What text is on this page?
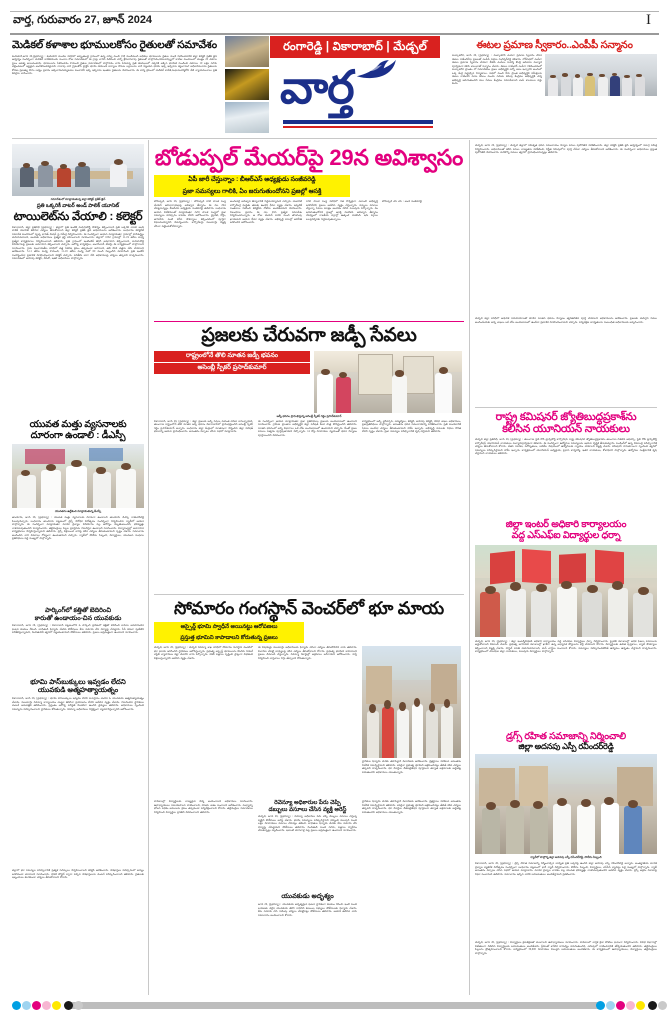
వార్త, గురువారం 27, జూన్ 2024	I
రంగారెడ్డి | వికారాబాద్ | మేడ్చల్
వార్త
మెడికల్ కళాశాల భూములకోసం రైతులతో సమావేశం
కందుకూర్,జూన్ 26,(ప్రభన్యూ) : కందుకూర్ మండల పరిధిలో అప్పుతుండ్ల గ్రామంలో ఉన్న చెర్వు మండి 198 నుండిమంది అధికలు భూములను రైతుల నుండి సేకరించడానికి జిల్లా కలెక్టర్ ప్రతీక్ జైన్ ఆధ్వర్యం సందర్భంగా మెడికల్ కాలేజీయందు పెంచాల రోజు సమావేశంలో ఈ గ్రామ్ల వారిని పిలిపించి ఎన్నో శ్రీనివాసరావు రైతులతో పాల్గొనడం,పిపిలవర్స్యులో కాలేజు మండలంలో మొత్తం 20 ఎకరాల స్థలం ఆవశ్య అయివంటారు. భూములను సేకరించడం 45మంది రైతుల సమావేశంలో పాల్గొనడం వారు పేరుపన్న ప్రతి కణములలో ఎక్కరికి అక్కిన భూమికి నుండించి ఎకరాలు 10 లక్షల నగదు చెల్లించుటలో ఇష్టమైన అంగీకరించడమైనది. దాదాపు వారి గ్రైటుకోన్ ప్రాక్టిస్ భూమి వేయుండ్ కార్యాలు కొనుట లక్షాయిను వారి సేట్టుకున భూమి ఇచ్చి ఇచ్చినను కట్టుగానుగ అధికారమునను రైతులను కోరుట ప్రణత్యు సొను లభ్యం ప్రకారం ఆక్కివారుచెయ్యటము పంచాడనీ ఇచ్చి ఇచ్చినను ఇంతమ రైతులను వివరించారు. ఈ కార్య క్రమంలో మెడికల్ కాలేజీ,సంఘనందర్శకోని నేటి న్యాయమునాలు ప్రతి శివర్లను వారించారు.
ఈటల ప్రమాణ స్వీకారం..ఎంపీపీ సన్మానం
మల్కాజిగిరి, జూన్ 26, (ప్రభన్యూ) : మల్కాజిగిరి ఎంపీగా ప్రమాణ స్వీకారం చేసిన ఈటల రాజేందర్‌ను ప్రజలతో ఎంపీపీ సభలు సుదర్శన్‌రెడ్డి కలిశారు. లోక్‌సభలో ఎంపీగా ఈటల ప్రమాణ స్వీకారం చేయగా బీజేపీ ఎంపీలు సుదర్శ కొండ్రి జరుపను మర్యాద పూర్వకంగా కలిసి శాలువాతో సన్మానం చేశారు. ఈటల రాజేందర్ ఎంపీగా గెలిపించడంలో మల్కాజిగిరి ప్రాంతం లో సమావేశము ప్రజల అభివృద్ధికి ఎన్నో అటు ఇచ్చారని అందులో ఒక్క కేంద్ర పెట్టాల్సిన నిర్మాణాలు. సభలో మంచి నీరు ప్రాంత అభివృద్ధికి సమీక్షలను ఈటల రాజేందర్ మాట కేవలం మండు నడుమ కదుపు కేంద్రము అభివృద్ధికి చర్య అభివృద్ధి జరుగుతుందని పలు సేవలు కేంద్రము సమావేశాలని ఎంపీ కాలముల వద్దు కేందు.
సమావేశంలో మాట్లాడుతున్న జిల్లా కలెక్టర్ ప్రతీక్ జైన్
ప్రతి ఒక్కరికీ వాటర్ అండ్ పాలిక్ యూనిట్
టాయిలెట్‌ను వేయాలి : కలెక్టర్
వికారాబాద్, జిల్లా ప్రతినిధి (ప్రభన్యూ) : జిల్లాలో ప్రతి ఇంటికి మరుగుదొడ్డి సౌకర్యం కల్పించాలని ప్రతి ఒక్కరికీ వాటర్ అండ్ పాలిక్ యూనిట్ కలిగేలా చర్యలు తీసుకోవాలని జిల్లా కలెక్టర్ ప్రతీక్ జైన్ అధికారులను ఆదేశించారు. బుధవారం కలెక్టరేట్ సమావేశ మందిరంలో స్వచ్ఛ భారత్ మిషన్ పై సమీక్ష నిర్వహించారు. ఈ సందర్భంగా ఆయన మాట్లాడుతూ గ్రామాల్లో పారిశుద్ధ్యం మెరుగుపడాలని, అందుకు అధికారులు ప్రత్యేక శ్రద్ధ వహించాలని సూచించారు. జిల్లాలో 1062 గ్రామాల్లో 11-19 తేదీల మధ్య ప్రత్యేక కార్యక్రమాలు నిర్వహించాలని తెలిపారు. ప్రతి గ్రామంలో ఇంటింటికీ తిరిగి అవగాహన కల్పించాలని, మరుగుదొడ్ల వినియోగంపై ప్రజలకు అవగాహన కల్పించాలని చెప్పారు. ఆరోగ్య కార్యకర్తలు, అంగన్‌వాడీ టీచర్లు ఈ కార్యక్రమంలో పాల్గొనాలని సూచించారు. గ్రామ పంచాయతీల పరిధిలో చెత్త సేకరణ క్రమం తప్పకుండా జరగాలని, తడి పొడి చెత్తను వేరు చేయాలని ఆదేశించారు. 3-11 తేదీల మధ్య 45మంది, 11-19 తేదీల మధ్య మరో 60 మంది సిబ్బందిని మోహరించి ప్రతి ఇంటినీ సందర్శించేలా ప్రణాళిక రూపొందించాలని కలెక్టర్ చెప్పారు. పనితీరు బాగా లేని అధికారులపై చర్యలు తప్పవని హెచ్చరించారు. సమావేశంలో అదనపు కలెక్టర్, డీపీవో, ఇతర అధికారులు పాల్గొన్నారు.
యువత మత్తు వ్యసనాలకు
దూరంగా ఉండాలి : డీఎస్పీ
యువతను ఉద్దేశించి మాట్లాడుతున్న డీఎస్పీ
తాండూరు, జూన్ 26, (ప్రభన్యూ) : యువత మత్తు వ్యసనాలకు దూరంగా ఉండాలని తాండూరు డీఎస్పీ రాజేందర్‌రెడ్డి పిలుపునిచ్చారు. బుధవారం తాండూరు పట్టణంలో డ్రగ్స్ నిరోధక దినోత్సవం సందర్భంగా నిర్వహించిన ర్యాలీలో ఆయన పాల్గొన్నారు. ఈ సందర్భంగా మాట్లాడుతూ మాదక ద్రవ్యాల వినియోగం వల్ల ఆరోగ్యం దెబ్బతింటుందని, భవిష్యత్తు నాశనమవుతుందని హెచ్చరించారు. తల్లిదండ్రులు పిల్లల ప్రవర్తనను గమనిస్తూ ఉండాలని సూచించారు. విద్యాసంస్థల్లో అవగాహన కార్యక్రమాలు నిర్వహిస్తున్నామని తెలిపారు. డ్రగ్స్ విక్రయించే వారిపై కఠిన చర్యలు తీసుకుంటామని స్పష్టం చేశారు. సమాచారం అందించిన వారి వివరాలు గోప్యంగా ఉంచుతామని చెప్పారు. ర్యాలీలో పోలీసు సిబ్బంది, విద్యార్థులు, యువజన సంఘాల ప్రతినిధులు పెద్ద సంఖ్యలో పాల్గొన్నారు.
పార్కింగ్‌లో కత్తితో బెదిరించి
కారుతో ఉండాయం-చిన యువకుడు
వికారాబాద్, జూన్ 26, (ప్రభన్యూ) : వికారాబాద్ పట్టణంలోని ఓ పార్కింగ్ ప్రదేశంలో కత్తితో బెదిరించి కారును అపహరించిన ఘటన కలకలం రేపింది. బాధితుడి ఫిర్యాదు మేరకు పోలీసులు కేసు నమోదు చేసి దర్యాప్తు చేపట్టారు. సీసీ కెమెరా ఫుటేజీని పరిశీలిస్తున్నామని, నిందితుడిని త్వరలో పట్టుకుంటామని పోలీసులు తెలిపారు. ప్రజలు అప్రమత్తంగా ఉండాలని సూచించారు.
భూమి పాస్‌బుక్కులు ఇవ్వడం లేదని
యువకుడి ఆత్మహత్యాయత్నం
వికారాబాద్, జూన్ 26, (ప్రభన్యూ) : భూమి పాస్‌బుక్కులు ఇవ్వడం లేదని మనస్తాపం చెందిన ఓ యువకుడు ఆత్మహత్యాయత్నం చేశాడు. పలుమార్లు రెవెన్యూ కార్యాలయం చుట్టూ తిరిగినా ప్రయోజనం లేదని ఆవేదన వ్యక్తం చేశాడు. గమనించిన స్థానికులు వెంటనే ఆసుపత్రికి తరలించారు. ప్రస్తుతం ఆరోగ్య పరిస్థితి నిలకడగా ఉందని వైద్యులు తెలిపారు. అధికారులు స్పందించి సమస్యను పరిష్కరించాలని స్థానికులు కోరుతున్నారు. రెవెన్యూ అధికారులు నిర్లక్ష్యంగా వ్యవహరిస్తున్నారని ఆరోపించారు.
జిల్లాలో భూ సమస్యల పరిష్కారానికి ప్రత్యేక సదస్సులు నిర్వహించాలని కలెక్టర్ ఆదేశించారు. దరఖాస్తుల పరిష్కారంలో జాప్యం జరగకుండా చూడాలని సూచించారు. ధరణి పోర్టల్ ద్వారా వచ్చిన దరఖాస్తులను వెంటనే పరిష్కరించాలని తెలిపారు. రైతులకు ఇబ్బందులు కలగకుండా చర్యలు తీసుకోవాలని కోరారు.
బోడుప్పల్ మేయర్‌పై 29న అవిశ్వాసం
ఏపీ జారీ చేస్తున్నాం : బీఆర్ఎస్ అధ్యక్షుడు సంజీవరెడ్డి
ప్రజా సమస్యలు గాలికి, ఏం జరుగుతుందోనని ప్రజల్లో ఆసక్తి
బోడుప్పల్, జూన్ 26, (ప్రభన్యూ) : బోడుప్పల్ నగర పాలక సంస్థ మేయర్ ఆదినారాయణపై అవిశ్వాస తీర్మానం ఈ నెల 29న చేపట్టనున్నట్లు బీఆర్ఎస్ అధ్యక్షుడు సంజీవరెడ్డి తెలిపారు. బుధవారం ఆయన విలేకరులతో మాట్లాడుతూ నగర పాలక సంస్థలో ప్రజా సమస్యలు పరిష్కారం కావడం లేదని ఆరోపించారు. డ్రైనేజీ, రోడ్లు, తాగునీరు వంటి కనీస సౌకర్యాలు కల్పించడంలో పూర్తిగా విఫలమయ్యారని విమర్శించారు. కార్పొరేటర్లు పలుమార్లు విజ్ఞప్తి చేసినా పట్టించుకోలేదన్నారు.
అందువల్లే అవిశ్వాస తీర్మానానికి సిద్ధమయ్యామని చెప్పారు. మెజారిటీ కార్పొరేటర్ల మద్దతు తమకు ఉందని ధీమా వ్యక్తం చేశారు. ఇప్పటికే సంతకాలు సేకరించి కలెక్టర్‌కు నోటీసు అందజేశామని వివరించారు. నిబంధనల ప్రకారం ఈ నెల 29న ప్రత్యేక సమావేశం నిర్వహించనున్నారు. ఆ రోజు మేయర్ పదవి నుంచి తొలగింపు ఖాయమని ఆయన ధీమా వ్యక్తం చేశారు. అభివృద్ధి పనుల్లో అవినీతి జరిగిందని ఆరోపించారు.
నగర పాలక సంస్థ పరిధిలో గత కొన్నేళ్లుగా ఎలాంటి అభివృద్ధి జరగలేదని ప్రజలు ఆవేదన వ్యక్తం చేస్తున్నారు. పన్నులు వసూలు చేస్తున్నా సేవలు మాత్రం అందడం లేదని పలువురు పేర్కొన్నారు. ఏం జరుగుతుందోనని ప్రజల్లో ఆసక్తి నెలకొంది. అవిశ్వాస తీర్మానం నేపథ్యంలో రాజకీయ వర్గాల్లో ఉత్కంఠ నెలకొంది. ఇరు వర్గాలు బలప్రదర్శనకు సిద్ధమవుతున్నాయి.
బోడుప్పల్ ఎస్ ఎస్ : అంద సంజీవరెడ్డి
ప్రజలకు చేరువగా జడ్పీ సేవలు
రాష్ట్రంలోనే తొలి నూతన జడ్పీ భవనం
అసెంబ్లీ స్పీకర్ ప్రసాద్‌కుమార్
జడ్పీ భవనం ప్రారంభిస్తున్న అసెంబ్లీ స్పీకర్ గడ్డం ప్రసాద్‌కుమార్
వికారాబాద్, జూన్ 26, (ప్రభన్యూ) : జిల్లా ప్రజలకు జడ్పీ సేవలు మరింత చేరువ కానున్నాయని, తెలంగాణ రాష్ట్రంలోనే తొలి నూతన జడ్పీ భవనం వికారాబాద్‌లో ప్రారంభమైందని అసెంబ్లీ స్పీకర్ గడ్డం ప్రసాద్‌కుమార్ అన్నారు. బుధవారం జిల్లా కేంద్రంలో నూతనంగా నిర్మించిన జిల్లా పరిషత్ భవనాన్ని ఆయన ప్రారంభించారు. అనంతరం ఏర్పాటు చేసిన సభలో మాట్లాడారు.
ఈ సందర్భంగా ఆయన మాట్లాడుతూ ప్రజా ప్రతినిధులు ప్రజలకు అందుబాటులో ఉండాలని సూచించారు. గ్రామీణ ప్రాంతాల అభివృద్ధికి జిల్లా పరిషత్ కీలక పాత్ర పోషిస్తుందని తెలిపారు. నూతన భవనంలో అన్ని విభాగాలు ఒకే చోట అందుబాటులో ఉంటాయని చెప్పారు. దీంతో ప్రజల పనులు సత్వరం పూర్తవుతాయని పేర్కొన్నారు. 14 కోట్ల రూపాయల వ్యయంతో భవన నిర్మాణం పూర్తయిందని వివరించారు.
కార్యక్రమంలో జడ్పీ చైర్‌పర్సన్, ఎమ్మెల్యేలు, కలెక్టర్, అదనపు కలెక్టర్, వివిధ శాఖల అధికారులు, ప్రజాప్రతినిధులు పాల్గొన్నారు. అనంతరం భవన సముదాయాన్ని పరిశీలించారు. ప్రతి మండలానికి సేవలు అందేలా చర్యలు తీసుకుంటామని హామీ ఇచ్చారు. అభివృద్ధి పనులకు నిధుల కొరత లేదని స్పష్టం చేశారు. ప్రజా సమస్యల పరిష్కారానికి కృషి చేస్తామని తెలిపారు.
సోమారం గంగస్థాన్ వెంచర్‌లో భూ మాయ
అస్సైన్డ్ భూమి స్వాధీనే అయినట్టు ఆరోపణలు
ప్రస్తుత్త భూమిని కాపాడాలని కోరుతున్న ప్రజలు
మేడ్చల్, జూన్ 26, (ప్రభన్యూ) : మేడ్చల్ రెవెన్యూ శాఖ పరిధిలో సోమారం గంగస్థాన్ వెంచర్‌లో భూ మాయ జరిగిందని స్థానికులు ఆరోపిస్తున్నారు. ప్రభుత్వ అస్సైన్డ్ భూములను కొందరు రియల్ ఎస్టేట్ వ్యాపారులు కబ్జా చేశారని వారు పేర్కొన్నారు. నకిలీ పత్రాలు సృష్టించి ప్లాట్లుగా విభజించి విక్రయిస్తున్నారని ఆవేదన వ్యక్తం చేశారు.
ఈ విషయమై పలుమార్లు అధికారులకు ఫిర్యాదు చేసినా చర్యలు తీసుకోలేదని వారు తెలిపారు. విచారణ చేపట్టి బాధ్యులపై కఠిన చర్యలు తీసుకోవాలని కోరారు. ప్రభుత్వ భూమిని కాపాడాలని ప్రజలు డిమాండ్ చేస్తున్నారు. రెవెన్యూ రికార్డుల్లో అక్రమాలు జరిగాయని ఆరోపించారు. సర్వే నిర్వహించి వాస్తవాలు నిగ్గు తేల్చాలని కోరుతున్నారు.
స్థానికుల ఫిర్యాదు మేరకు తహసీల్దార్ విచారణకు ఆదేశించారు. క్షేత్రస్థాయి పరిశీలన అనంతరం నివేదిక సమర్పిస్తామని తెలిపారు. ఎవరైనా ప్రభుత్వ భూమిని ఆక్రమించినట్లు తేలితే కఠిన చర్యలు తప్పవని హెచ్చరించారు. భూ రికార్డుల డిజిటలైజేషన్ పూర్తయిన తర్వాత అక్రమాలకు అడ్డుకట్ట పడుతుందని అధికారులు చెబుతున్నారు.
పాఠశాలల్లో విద్యార్థులకు నాణ్యమైన విద్య అందించాలని అధికారులు సూచించారు. ఉపాధ్యాయులు సమయపాలన పాటించాలని, హాజరు శాతం పెంచాలని ఆదేశించారు. మధ్యాహ్న భోజన పథకం అమలును క్రమం తప్పకుండా పర్యవేక్షించాలని కోరారు. తల్లిదండ్రుల సమావేశాలు నిర్వహించి విద్యార్థుల ప్రగతిని వివరించాలని తెలిపారు.
రెవెన్యూ అధికారుల పేరు చెప్పి
డబ్బులు వసూలు చేసిన వ్యక్తి అరెస్ట్
మేడ్చల్, జూన్ 26, (ప్రభన్యూ) : రెవెన్యూ అధికారుల పేరు చెప్పి డబ్బులు వసూలు చేస్తున్న వ్యక్తిని పోలీసులు అరెస్ట్ చేశారు. భూమి సమస్యలు పరిష్కరిస్తానని నమ్మించి పలువురి నుంచి లక్షల రూపాయలు వసూలు చేసినట్లు తేలింది. బాధితుల ఫిర్యాదు మేరకు కేసు నమోదు చేసి దర్యాప్తు చేపట్టామని పోలీసులు తెలిపారు. నిందితుడి నుంచి నగదు, పత్రాలు స్వాధీనం చేసుకున్నట్లు వెల్లడించారు. ఇలాంటి మోసగాళ్ల పట్ల ప్రజలు అప్రమత్తంగా ఉండాలని సూచించారు.
యువకుడు అదృశ్యం
జూన్ 26, (ప్రభన్యూ) : యువకుడు అదృశ్యమైన ఘటన స్థానికంగా కలకలం రేపింది. ఇంటి నుంచి బయటకు వెళ్లిన యువకుడు తిరిగి రాలేదని కుటుంబ సభ్యులు పోలీసులకు ఫిర్యాదు చేశారు. కేసు నమోదు చేసి గాలింపు చర్యలు చేపట్టినట్లు పోలీసులు తెలిపారు. ఆచూకీ తెలిసిన వారు సమాచారం అందించాలని కోరారు.
స్థానికుల ఫిర్యాదు మేరకు తహసీల్దార్ విచారణకు ఆదేశించారు. క్షేత్రస్థాయి పరిశీలన అనంతరం నివేదిక సమర్పిస్తామని తెలిపారు. ఎవరైనా ప్రభుత్వ భూమిని ఆక్రమించినట్లు తేలితే కఠిన చర్యలు తప్పవని హెచ్చరించారు. భూ రికార్డుల డిజిటలైజేషన్ పూర్తయిన తర్వాత అక్రమాలకు అడ్డుకట్ట పడుతుందని అధికారులు చెబుతున్నారు.
మేడ్చల్, జూన్ 26, (ప్రభన్యూ) : మేడ్చల్ జిల్లాలో సమీకృత భవన సముదాయం నిర్మాణ పనుల పురోగతిని పరిశీలించారు. జిల్లా కలెక్టర్ ప్రతీక్ జైన్ ఆధ్వర్యంలో సమగ్ర సమీక్ష నిర్వహించారు. అధికారులతో కలిసి పనుల నాణ్యతను పరిశీలించి, నిర్ణీత గడువులోగా పూర్తి చేసేలా చర్యలు తీసుకోవాలని ఆదేశించారు. ఈ సందర్భంగా అధికారులు ప్రస్తుత పురోగతిని వివరించారు. మరికొన్ని పనులు త్వరలో ప్రారంభించనున్నట్లు తెలిపారు.
మేడ్చల్ జిల్లా పరిధిలో ఆధునిక సదుపాయాలతో కూడిన నూతన భవనం నిర్మాణం త్వరితగతిన పూర్తి చేయాలని అధికారులను ఆదేశించారు. ప్రజలకు మెరుగైన సేవలు అందించేందుకు అన్ని శాఖలు ఒకే చోట అందుబాటులో ఉండేలా ప్రణాళిక రూపొందించామని చెప్పారు. పర్యవేక్షణ బాధ్యతలను సంబంధిత అధికారులకు అప్పగించారు.
రాష్ట్ర కమిషనర్ జ్యోతిబుద్ధప్రకాశ్‌ను
కలిసిన యూనియన్ నాయకులు
మేడ్చల్ జిల్లా ప్రతినిధి, జూన్ 26, (ప్రభన్యూ) : తెలంగాణ స్టేట్ రోడ్ ట్రాన్స్‌పోర్ట్ కార్పొరేషన్ రాష్ట్ర కమిషనర్ జ్యోతిబుద్ధప్రకాశ్‌ను తెలంగాణ గెజిటెడ్ ఆఫీసర్స్, స్టేట్ రోడ్ ట్రాన్స్‌పోర్ట్ కార్పొరేషన్ యూనియన్ నాయకులు మర్యాదపూర్వకంగా కలిశారు. ఈ సందర్భంగా ఉద్యోగుల సమస్యలను ఆయన దృష్టికి తీసుకువెళ్లారు. పెండింగ్‌లో ఉన్న డిమాండ్ల పరిష్కారానికి చర్యలు తీసుకోవాలని కోరారు. వేతన సవరణ, పదోన్నతులు, బదిలీల విషయంలో ఉద్యోగులకు న్యాయం చేయాలని విజ్ఞప్తి చేశారు. కమిషనర్ సానుకూలంగా స్పందించి త్వరలో సమస్యలు పరిష్కరిస్తామని హామీ ఇచ్చారు. కార్యక్రమంలో యూనియన్ అధ్యక్షుడు, ప్రధాన కార్యదర్శి, ఇతర నాయకులు, కోశాధికారి పాల్గొన్నారు. ఉద్యోగుల సంక్షేమానికి కృషి చేస్తామని నాయకులు తెలిపారు.
జిల్లా ఇంటర్ అధికారి కార్యాలయం
వద్ద ఎస్ఎఫ్ఐ విద్యార్థుల ధర్నా
మేడ్చల్, జూన్ 26, (ప్రభన్యూ) : జిల్లా ఇంటర్మీడియట్ అధికారి కార్యాలయం వద్ద ఎస్ఎఫ్ఐ విద్యార్థులు ధర్నా నిర్వహించారు. ప్రైవేట్ కళాశాలల్లో అధిక ఫీజుల వసూలును అడ్డుకోవాలని డిమాండ్ చేశారు. ప్రభుత్వ జూనియర్ కళాశాలల్లో ఖాళీగా ఉన్న అధ్యాపక పోస్టులను భర్తీ చేయాలని కోరారు. విద్యార్థులకు ఉచిత పుస్తకాలు, ల్యాబ్ సౌకర్యాలు కల్పించాలని విజ్ఞప్తి చేశారు. హాస్టల్ వసతి మెరుగుపరచాలని, మెస్ చార్జీలు పెంచాలని కోరారు. సమస్యలు పరిష్కరించకపోతే ఉద్యమం ఉధృతం చేస్తామని హెచ్చరించారు. కార్యక్రమంలో ఎస్ఎఫ్ఐ జిల్లా నాయకులు, పలువురు విద్యార్థులు పాల్గొన్నారు.
డ్రగ్స్ రహిత సమాజాన్ని నిర్మించాలి
జిల్లా అదనపు ఎస్పీ రవీందర్‌రెడ్డి
ర్యాలీలో పాల్గొన్న జిల్లా అదనపు ఎస్పీ రవీందర్‌రెడ్డి, పోలీసు సిబ్బంది
వికారాబాద్, జూన్ 26, (ప్రభన్యూ) : డ్రగ్స్ రహిత సమాజాన్ని నిర్మించాల్సిన బాధ్యత ప్రతి ఒక్కరిపై ఉందని జిల్లా అదనపు ఎస్పీ రవీందర్‌రెడ్డి అన్నారు. అంతర్జాతీయ మాదక ద్రవ్యాల వ్యతిరేక దినోత్సవం సందర్భంగా బుధవారం పట్టణంలో భారీ ర్యాలీ నిర్వహించారు. పోలీసు సిబ్బంది, విద్యార్థులు, ఎన్‌సీసీ క్యాడెట్లు పెద్ద సంఖ్యలో పాల్గొన్నారు. ర్యాలీ అనంతరం ఏర్పాటు చేసిన సభలో ఆయన మాట్లాడారు. మాదక ద్రవ్యాల వాడకం వల్ల యువత భవిష్యత్తు నాశనమవుతుందని ఆవేదన వ్యక్తం చేశారు. డ్రగ్స్ అక్రమ రవాణాపై నిఘా పెంచామని తెలిపారు. సమాచారం ఇచ్చిన వారికి బహుమతులు అందజేస్తామని ప్రకటించారు.
మేడ్చల్, జూన్ 26, (ప్రభన్యూ) : విద్యార్థులు క్రమశిక్షణతో మెలగాలని ఉపాధ్యాయులు సూచించారు. పాఠశాలలో వార్షిక క్రీడా పోటీలు ఘనంగా నిర్వహించారు. వివిధ విభాగాల్లో విజేతలుగా నిలిచిన విద్యార్థులకు బహుమతులు అందజేశారు. క్రీడలతో శారీరక దారుఢ్యం పెరుగుతుందని, చదువులో రాణించడానికి తోడ్పడుతుందని తెలిపారు. తల్లిదండ్రులు పిల్లలను ప్రోత్సహించాలని కోరారు. కార్యక్రమంలో 30,000 రూపాయల విలువైన బహుమతులు అందజేశారు. ఈ కార్యక్రమంలో ఉపాధ్యాయులు, విద్యార్థులు, తల్లిదండ్రులు పాల్గొన్నారు.
